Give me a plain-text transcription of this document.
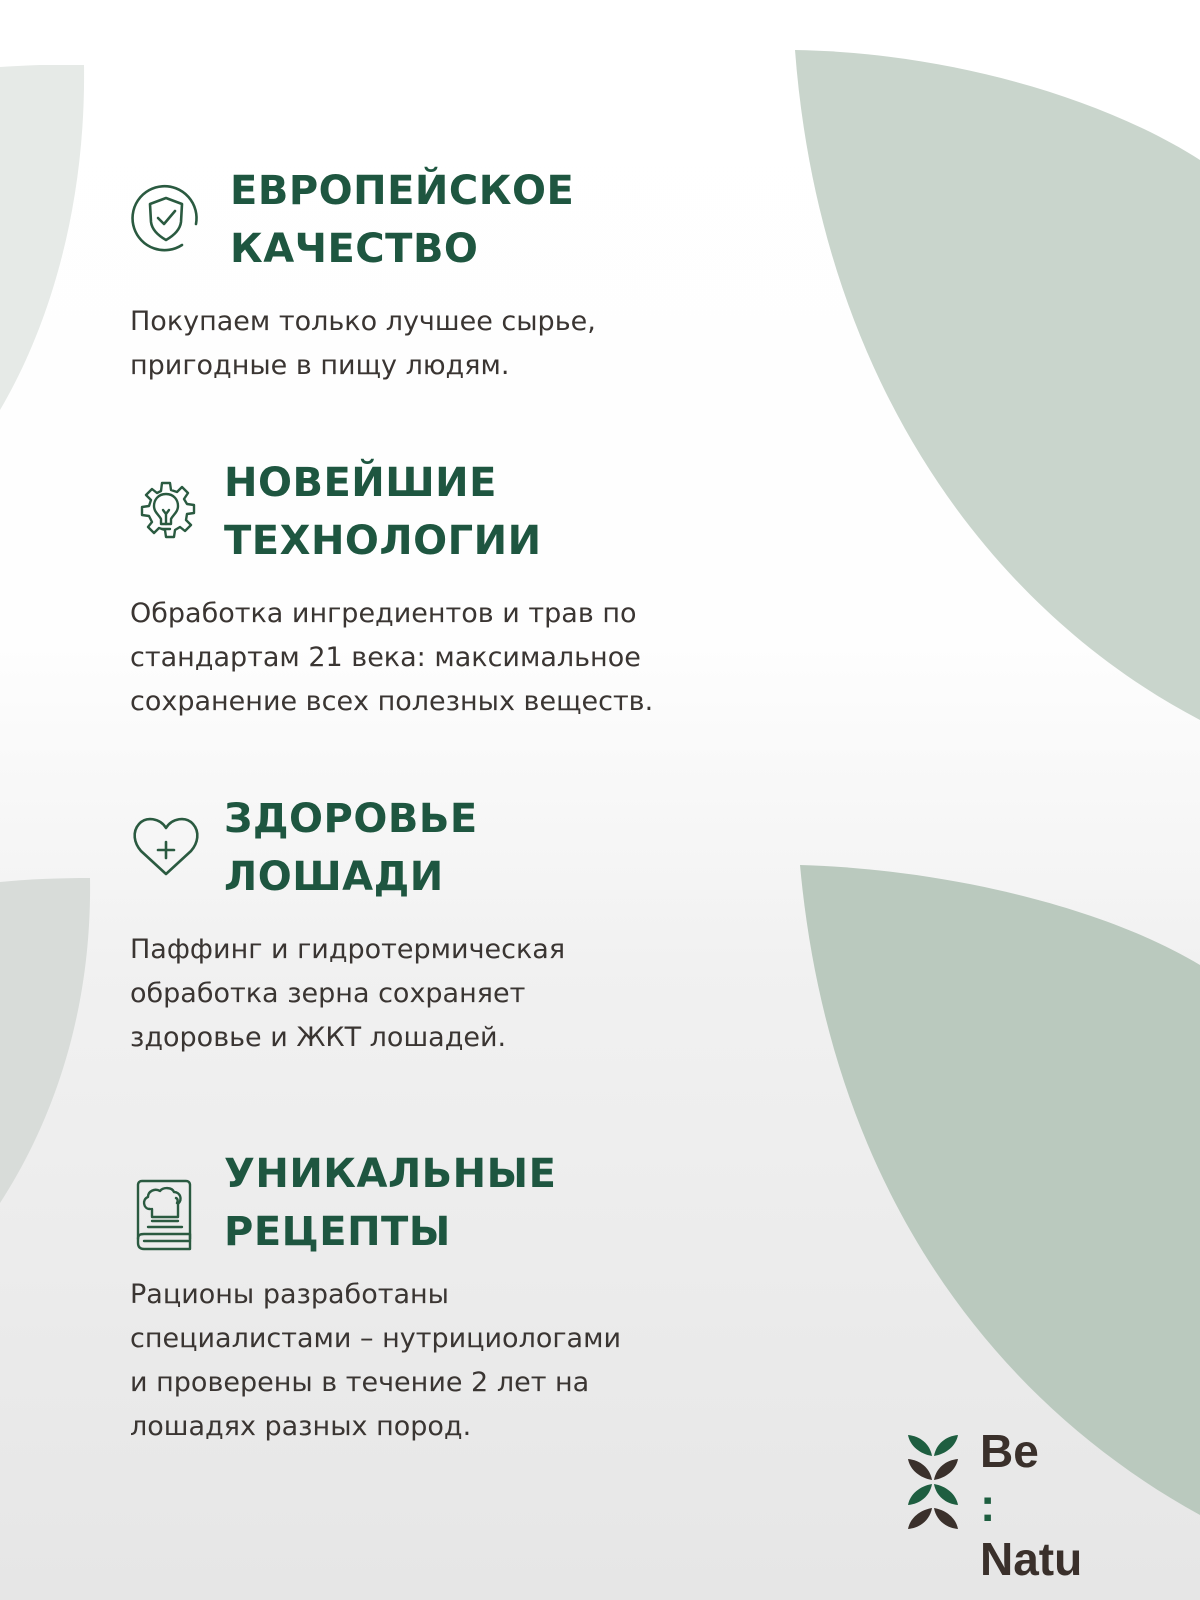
ЕВРОПЕЙСКОЕ
КАЧЕСТВО

Покупаем только лучшее сырье,
пригодные в пищу людям.

НОВЕЙШИЕ
ТЕХНОЛОГИИ

Обработка ингредиентов и трав по
стандартам 21 века: максимальное
сохранение всех полезных веществ.

ЗДОРОВЬЕ
ЛОШАДИ

Паффинг и гидротермическая
обработка зерна сохраняет
здоровье и ЖКТ лошадей.

УНИКАЛЬНЫЕ
РЕЦЕПТЫ

Рационы разработаны
специалистами – нутрициологами
и проверены в течение 2 лет на
лошадях разных пород.	Be
:
Natu
